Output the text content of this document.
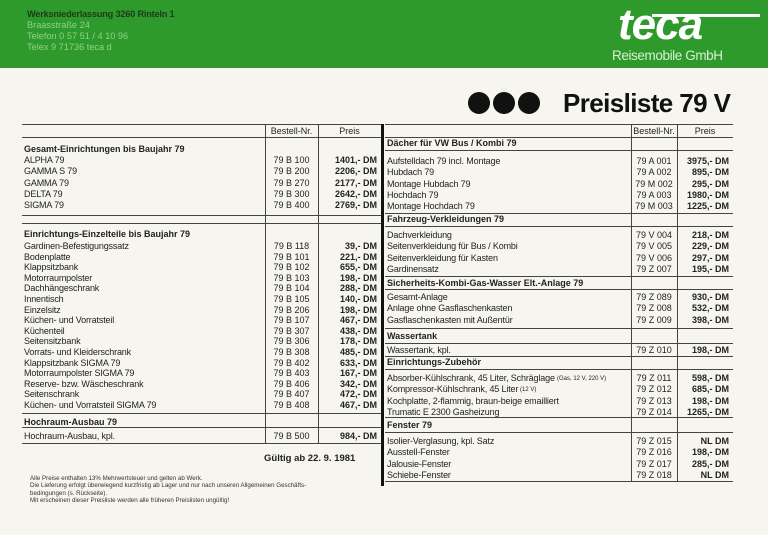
Werksniederlassung 3260 Rinteln 1
Braasstraße 24
Telefon 0 57 51 / 4 10 96
Telex 9 71736 teca d	teca
Reisemobile GmbH
Preisliste 79 V
Bestell-Nr.	Preis
Gesamt-Einrichtungen bis Baujahr 79
ALPHA 79	79 B 100	1401,- DM
GAMMA S 79	79 B 200	2206,- DM
GAMMA 79	79 B 270	2177,- DM
DELTA 79	79 B 300	2642,- DM
SIGMA 79	79 B 400	2769,- DM
Einrichtungs-Einzelteile bis Baujahr 79
Gardinen-Befestigungssatz	79 B 118	39,- DM
Bodenplatte	79 B 101	221,- DM
Klappsitzbank	79 B 102	655,- DM
Motorraumpolster	79 B 103	198,- DM
Dachhängeschrank	79 B 104	288,- DM
Innentisch	79 B 105	140,- DM
Einzelsitz	79 B 206	198,- DM
Küchen- und Vorratsteil	79 B 107	467,- DM
Küchenteil	79 B 307	438,- DM
Seitensitzbank	79 B 306	178,- DM
Vorrats- und Kleiderschrank	79 B 308	485,- DM
Klappsitzbank SIGMA 79	79 B 402	633,- DM
Motorraumpolster SIGMA 79	79 B 403	167,- DM
Reserve- bzw. Wäscheschrank	79 B 406	342,- DM
Seitenschrank	79 B 407	472,- DM
Küchen- und Vorratsteil SIGMA 79	79 B 408	467,- DM
Hochraum-Ausbau 79
Hochraum-Ausbau, kpl.	79 B 500	984,- DM
Bestell-Nr.	Preis
Dächer für VW Bus / Kombi 79
Aufstelldach 79 incl. Montage	79 A 001	3975,- DM
Hubdach 79	79 A 002	895,- DM
Montage Hubdach 79	79 M 002	295,- DM
Hochdach 79	79 A 003	1980,- DM
Montage Hochdach 79	79 M 003	1225,- DM
Fahrzeug-Verkleidungen 79
Dachverkleidung	79 V 004	218,- DM
Seitenverkleidung für Bus / Kombi	79 V 005	229,- DM
Seitenverkleidung für Kasten	79 V 006	297,- DM
Gardinensatz	79 Z 007	195,- DM
Sicherheits-Kombi-Gas-Wasser Elt.-Anlage 79
Gesamt-Anlage	79 Z 089	930,- DM
Anlage ohne Gasflaschenkasten	79 Z 008	532,- DM
Gasflaschenkasten mit Außentür	79 Z 009	398,- DM
Wassertank
Wassertank, kpl.	79 Z 010	198,- DM
Einrichtungs-Zubehör
Absorber-Kühlschrank, 45 Liter, Schräglage (Gas, 12 V, 220 V)	79 Z 011	598,- DM
Kompressor-Kühlschrank, 45 Liter (12 V)	79 Z 012	685,- DM
Kochplatte, 2-flammig, braun-beige emailliert	79 Z 013	198,- DM
Trumatic E 2300 Gasheizung	79 Z 014	1265,- DM
Fenster 79
Isolier-Verglasung, kpl. Satz	79 Z 015	NL DM
Ausstell-Fenster	79 Z 016	198,- DM
Jalousie-Fenster	79 Z 017	285,- DM
Schiebe-Fenster	79 Z 018	NL DM
Gültig ab 22. 9. 1981
Alle Preise enthalten 13% Mehrwertsteuer und gelten ab Werk.
Die Lieferung erfolgt überwiegend kurzfristig ab Lager und nur nach unseren Allgemeinen Geschäfts-
bedingungen (s. Rückseite).
Mit erscheinen dieser Preisliste werden alle früheren Preislisten ungültig!
